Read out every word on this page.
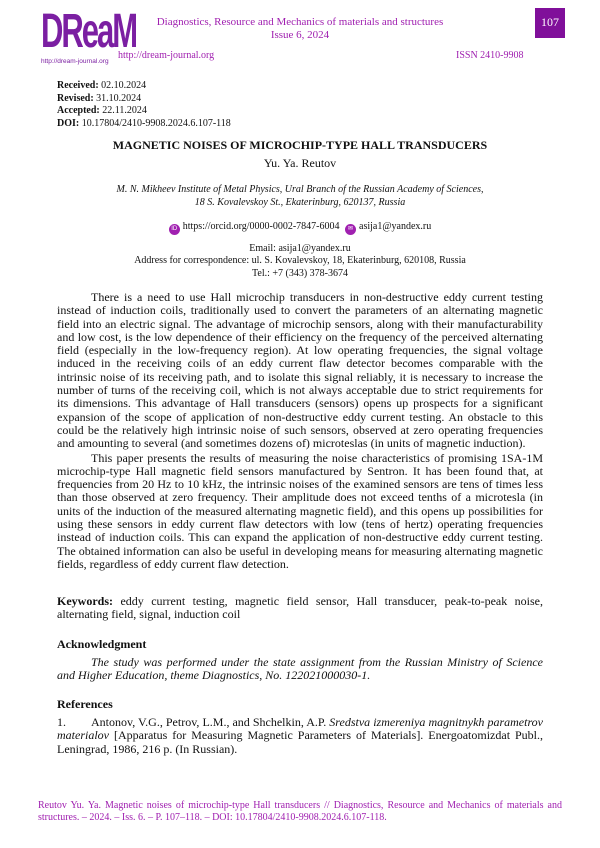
DReaM
http://dream-journal.org
Diagnostics, Resource and Mechanics of materials and structures
Issue 6, 2024
107
http://dream-journal.org	ISSN 2410-9908
Received: 02.10.2024
Revised: 31.10.2024
Accepted: 22.11.2024
DOI: 10.17804/2410-9908.2024.6.107-118
MAGNETIC NOISES OF MICROCHIP-TYPE HALL TRANSDUCERS
Yu. Ya. Reutov
M. N. Mikheev Institute of Metal Physics, Ural Branch of the Russian Academy of Sciences,
18 S. Kovalevskoy St., Ekaterinburg, 620137, Russia
ID https://orcid.org/0000-0002-7847-6004 ✉ asija1@yandex.ru
Email: asija1@yandex.ru
Address for correspondence: ul. S. Kovalevskoy, 18, Ekaterinburg, 620108, Russia
Tel.: +7 (343) 378-3674

There is a need to use Hall microchip transducers in non-destructive eddy current testing instead of induction coils, traditionally used to convert the parameters of an alternating magnetic field into an electric signal. The advantage of microchip sensors, along with their manufacturability and low cost, is the low dependence of their efficiency on the frequency of the perceived alternating field (especially in the low-frequency region). At low operating frequencies, the signal voltage induced in the receiving coils of an eddy current flaw detector becomes comparable with the intrinsic noise of its receiving path, and to isolate this signal reliably, it is necessary to increase the number of turns of the receiving coil, which is not always acceptable due to strict requirements for its dimensions. This advantage of Hall transducers (sensors) opens up prospects for a significant expansion of the scope of application of non-destructive eddy current testing. An obstacle to this could be the relatively high intrinsic noise of such sensors, observed at zero operating frequencies and amounting to several (and sometimes dozens of) microteslas (in units of magnetic induction).

This paper presents the results of measuring the noise characteristics of promising 1SA-1M microchip-type Hall magnetic field sensors manufactured by Sentron. It has been found that, at frequencies from 20 Hz to 10 kHz, the intrinsic noises of the examined sensors are tens of times less than those observed at zero frequency. Their amplitude does not exceed tenths of a microtesla (in units of the induction of the measured alternating magnetic field), and this opens up possibilities for using these sensors in eddy current flaw detectors with low (tens of hertz) operating frequencies instead of induction coils. This can expand the application of non-destructive eddy current testing. The obtained information can also be useful in developing means for measuring alternating magnetic fields, regardless of eddy current flaw detection.

Keywords: eddy current testing, magnetic field sensor, Hall transducer, peak-to-peak noise, alternating field, signal, induction coil
Acknowledgment

The study was performed under the state assignment from the Russian Ministry of Science and Higher Education, theme Diagnostics, No. 122021000030-1.

References
1. Antonov, V.G., Petrov, L.M., and Shchelkin, A.P. Sredstva izmereniya magnitnykh parametrov materialov [Apparatus for Measuring Magnetic Parameters of Materials]. Energoatomizdat Publ., Leningrad, 1986, 216 p. (In Russian).
Reutov Yu. Ya. Magnetic noises of microchip-type Hall transducers // Diagnostics, Resource and Mechanics of materials and structures. – 2024. – Iss. 6. – P. 107–118. – DOI: 10.17804/2410-9908.2024.6.107-118.
